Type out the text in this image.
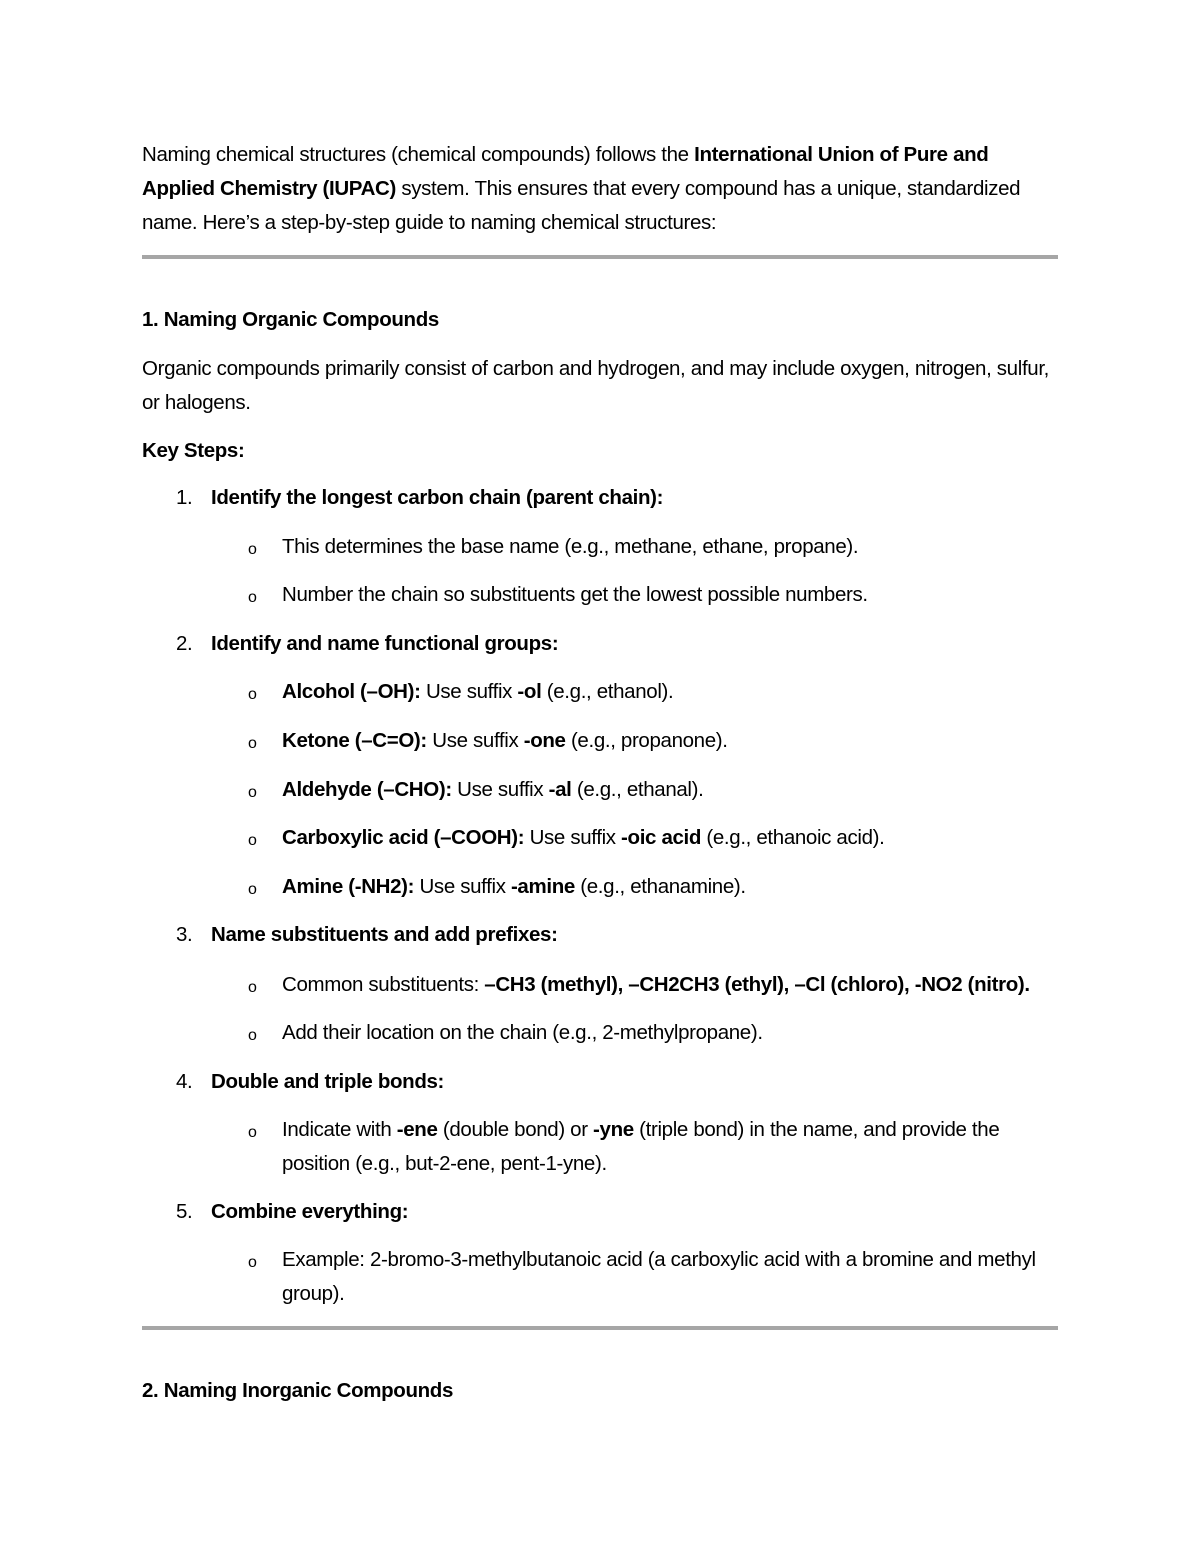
Naming chemical structures (chemical compounds) follows the International Union of Pure and Applied Chemistry (IUPAC) system. This ensures that every compound has a unique, standardized name. Here’s a step-by-step guide to naming chemical structures:

1. Naming Organic Compounds

Organic compounds primarily consist of carbon and hydrogen, and may include oxygen, nitrogen, sulfur, or halogens.

Key Steps:

1. Identify the longest carbon chain (parent chain):
o This determines the base name (e.g., methane, ethane, propane).
o Number the chain so substituents get the lowest possible numbers.
2. Identify and name functional groups:
o Alcohol (–OH): Use suffix -ol (e.g., ethanol).
o Ketone (–C=O): Use suffix -one (e.g., propanone).
o Aldehyde (–CHO): Use suffix -al (e.g., ethanal).
o Carboxylic acid (–COOH): Use suffix -oic acid (e.g., ethanoic acid).
o Amine (-NH2): Use suffix -amine (e.g., ethanamine).
3. Name substituents and add prefixes:
o Common substituents: –CH3 (methyl), –CH2CH3 (ethyl), –Cl (chloro), -NO2 (nitro).
o Add their location on the chain (e.g., 2-methylpropane).
4. Double and triple bonds:
o Indicate with -ene (double bond) or -yne (triple bond) in the name, and provide the position (e.g., but-2-ene, pent-1-yne).
5. Combine everything:
o Example: 2-bromo-3-methylbutanoic acid (a carboxylic acid with a bromine and methyl group).

2. Naming Inorganic Compounds
